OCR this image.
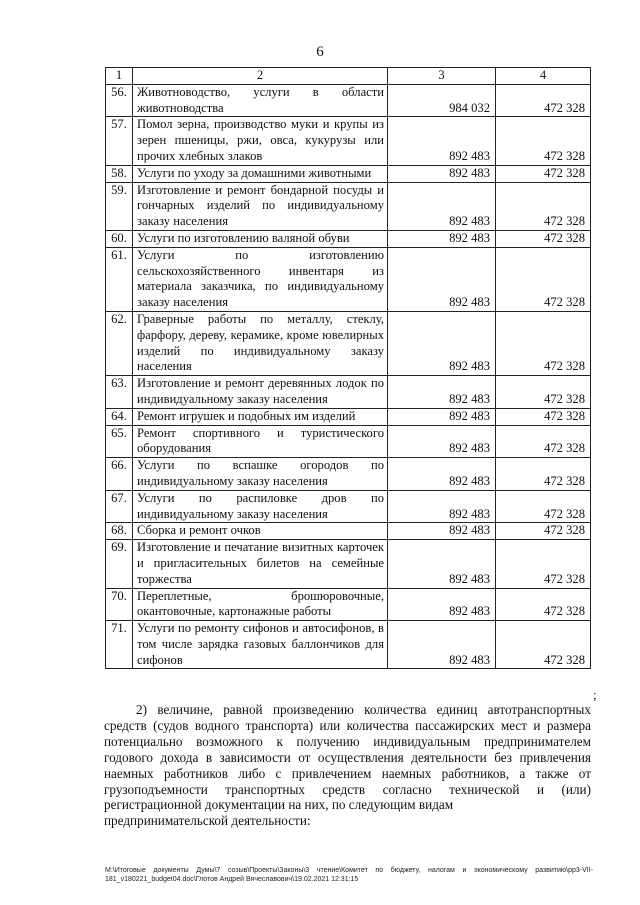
6
1	2	3	4
56.	Животноводство, услуги в области животноводства	984 032	472 328
57.	Помол зерна, производство муки и крупы из зерен пшеницы, ржи, овса, кукурузы или прочих хлебных злаков	892 483	472 328
58.	Услуги по уходу за домашними животными	892 483	472 328
59.	Изготовление и ремонт бондарной посуды и гончарных изделий по индивидуальному заказу населения	892 483	472 328
60.	Услуги по изготовлению валяной обуви	892 483	472 328
61.	Услуги по изготовлению сельскохозяйственного инвентаря из материала заказчика, по индивидуальному заказу населения	892 483	472 328
62.	Граверные работы по металлу, стеклу, фарфору, дереву, керамике, кроме ювелирных изделий по индивидуальному заказу населения	892 483	472 328
63.	Изготовление и ремонт деревянных лодок по индивидуальному заказу населения	892 483	472 328
64.	Ремонт игрушек и подобных им изделий	892 483	472 328
65.	Ремонт спортивного и туристического оборудования	892 483	472 328
66.	Услуги по вспашке огородов по индивидуальному заказу населения	892 483	472 328
67.	Услуги по распиловке дров по индивидуальному заказу населения	892 483	472 328
68.	Сборка и ремонт очков	892 483	472 328
69.	Изготовление и печатание визитных карточек и пригласительных билетов на семейные торжества	892 483	472 328
70.	Переплетные, брошюровочные, окантовочные, картонажные работы	892 483	472 328
71.	Услуги по ремонту сифонов и автосифонов, в том числе зарядка газовых баллончиков для сифонов	892 483	472 328
;

2) величине, равной произведению количества единиц автотранспортных средств (судов водного транспорта) или количества пассажирских мест и размера потенциально возможного к получению индивидуальным предпринимателем годового дохода в зависимости от осуществления деятельности без привлечения наемных работников либо с привлечением наемных работников, а также от грузоподъемности транспортных средств согласно технической и (или) регистрационной документации на них, по следующим видам

предпринимательской деятельности:

M:\Итоговые документы Думы\7 созыв\Проекты\Законы\3 чтение\Комитет по бюджету, налогам и экономическому развитию\pp3-VII-181_v180221_budget04.doc\Глотов Андрей Вячеславович\19.02.2021 12:31:15
